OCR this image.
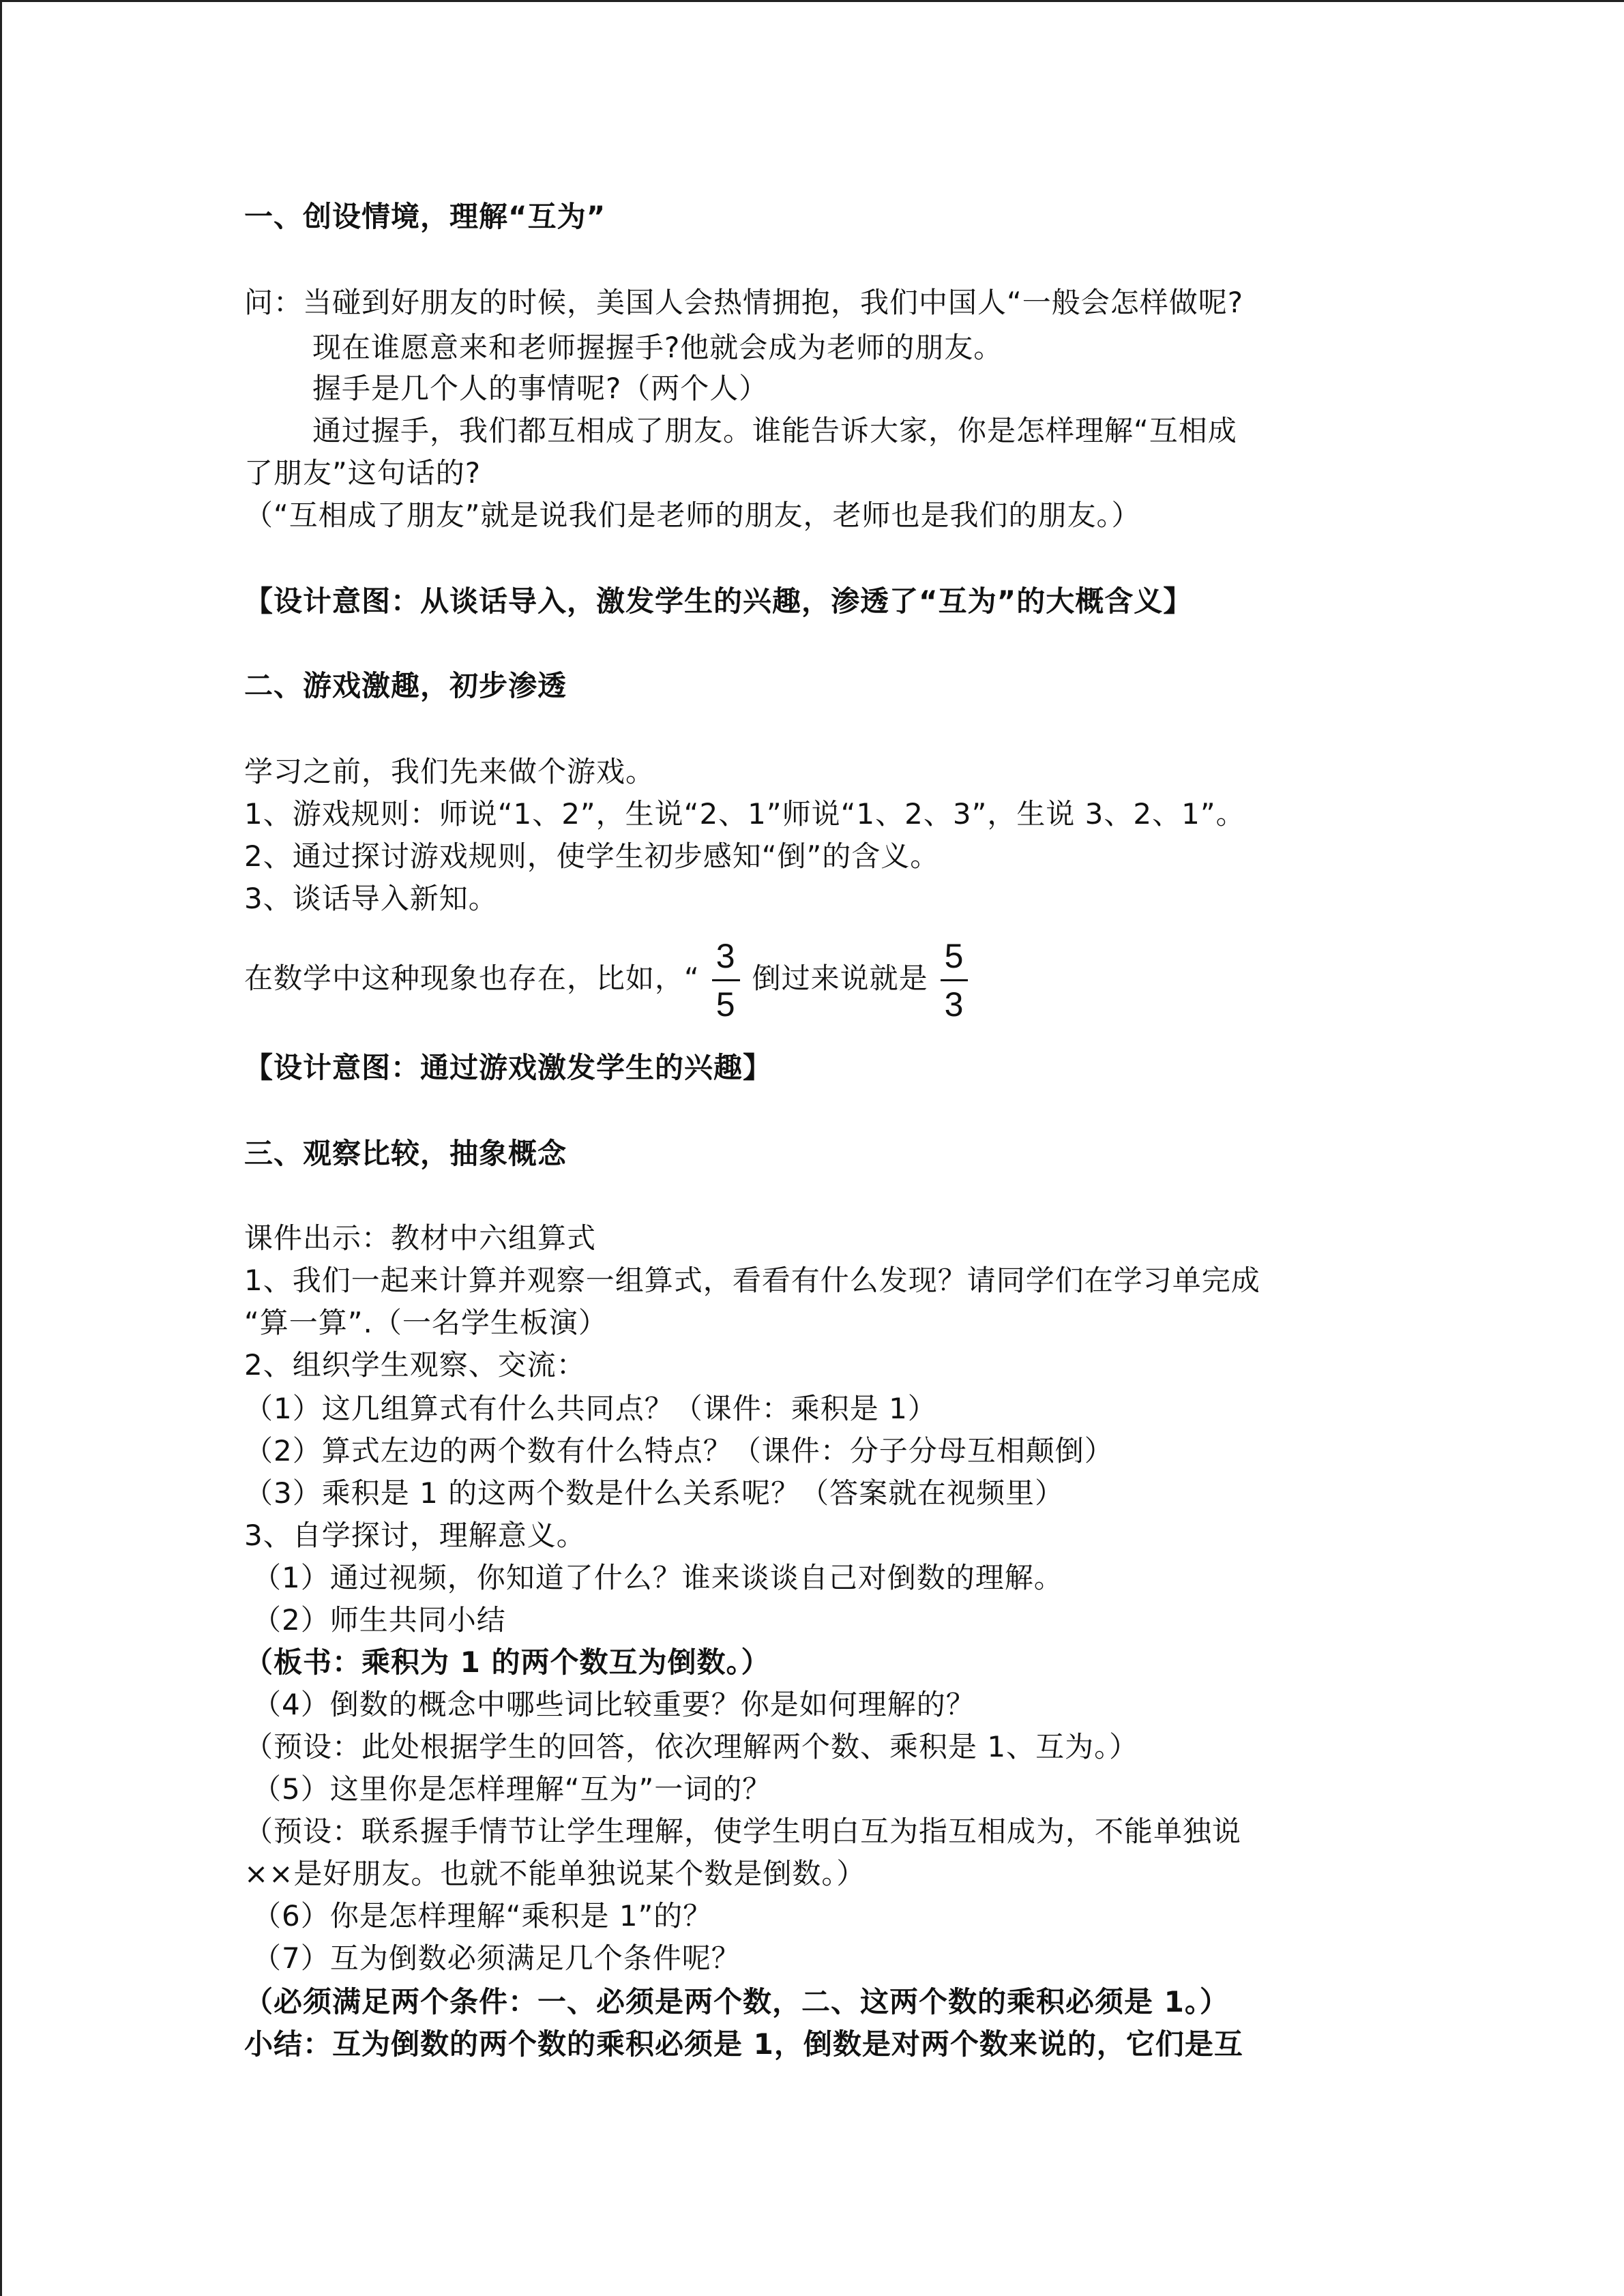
一、创设情境，理解“互为”
问：当碰到好朋友的时候，美国人会热情拥抱，我们中国人“一般会怎样做呢?
现在谁愿意来和老师握握手?他就会成为老师的朋友。
握手是几个人的事情呢?（两个人）
通过握手，我们都互相成了朋友。谁能告诉大家，你是怎样理解“互相成
了朋友”这句话的?
（“互相成了朋友”就是说我们是老师的朋友，老师也是我们的朋友。）
【设计意图：从谈话导入，激发学生的兴趣，渗透了“互为”的大概含义】
二、游戏激趣，初步渗透
学习之前，我们先来做个游戏。
1、游戏规则：师说“1、2”，生说“2、1”师说“1、2、3”，生说 3、2、1”。
2、通过探讨游戏规则，使学生初步感知“倒”的含义。
3、谈话导入新知。
在数学中这种现象也存在，比如，“ $\frac{3}{5}$ 倒过来说就是 $\frac{5}{3}$
【设计意图：通过游戏激发学生的兴趣】
三、观察比较，抽象概念
课件出示：教材中六组算式
1、我们一起来计算并观察一组算式，看看有什么发现？请同学们在学习单完成
“算一算”.（一名学生板演）
2、组织学生观察、交流：
（1）这几组算式有什么共同点？（课件：乘积是 1）
（2）算式左边的两个数有什么特点？（课件：分子分母互相颠倒）
（3）乘积是 1 的这两个数是什么关系呢？（答案就在视频里）
3、自学探讨，理解意义。
（1）通过视频，你知道了什么？谁来谈谈自己对倒数的理解。
（2）师生共同小结
（板书：乘积为 1 的两个数互为倒数。）
（4）倒数的概念中哪些词比较重要？你是如何理解的？
（预设：此处根据学生的回答，依次理解两个数、乘积是 1、互为。）
（5）这里你是怎样理解“互为”一词的？
（预设：联系握手情节让学生理解，使学生明白互为指互相成为，不能单独说
××是好朋友。也就不能单独说某个数是倒数。）
（6）你是怎样理解“乘积是 1”的？
（7）互为倒数必须满足几个条件呢？
（必须满足两个条件：一、必须是两个数，二、这两个数的乘积必须是 1。）
小结：互为倒数的两个数的乘积必须是 1，倒数是对两个数来说的，它们是互
